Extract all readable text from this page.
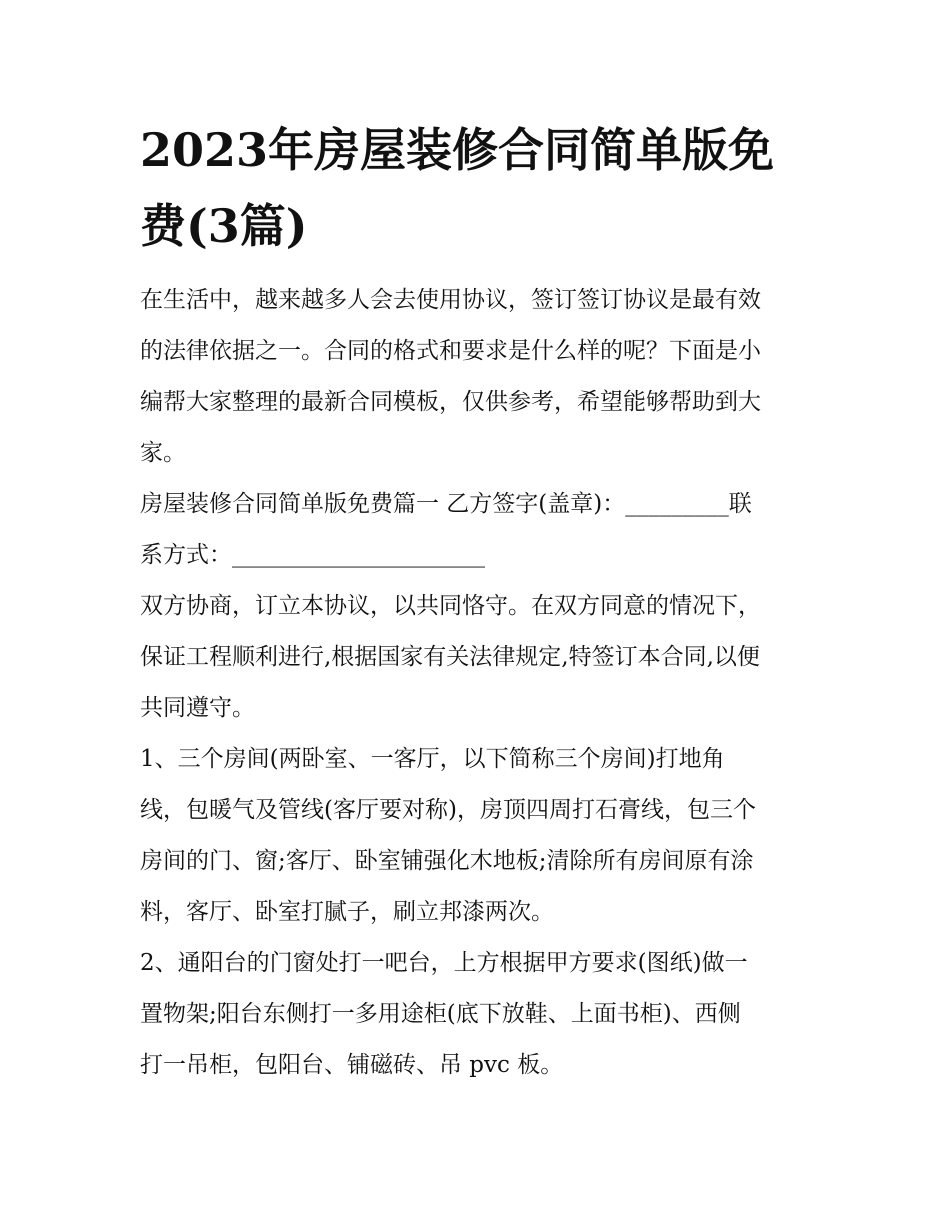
2023年房屋装修合同简单版免
费(3篇)

在生活中，越来越多人会去使用协议，签订签订协议是最有效
的法律依据之一。合同的格式和要求是什么样的呢？下面是小
编帮大家整理的最新合同模板，仅供参考，希望能够帮助到大
家。

房屋装修合同简单版免费篇一 乙方签字(盖章)：_________联
系方式：______________________

双方协商，订立本协议，以共同恪守。在双方同意的情况下，
保证工程顺利进行,根据国家有关法律规定,特签订本合同,以便
共同遵守。

1、三个房间(两卧室、一客厅，以下简称三个房间)打地角
线，包暖气及管线(客厅要对称)，房顶四周打石膏线，包三个
房间的门、窗;客厅、卧室铺强化木地板;清除所有房间原有涂
料，客厅、卧室打腻子，刷立邦漆两次。

2、通阳台的门窗处打一吧台，上方根据甲方要求(图纸)做一
置物架;阳台东侧打一多用途柜(底下放鞋、上面书柜)、西侧
打一吊柜，包阳台、铺磁砖、吊 pvc 板。
